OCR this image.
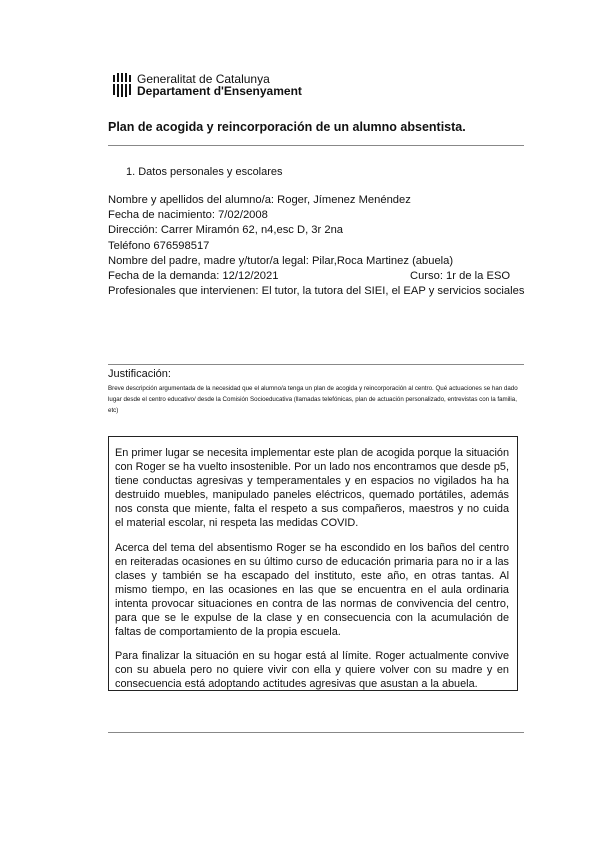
Generalitat de Catalunya
Departament d'Ensenyament
Plan de acogida y reincorporación de un alumno absentista.
1. Datos personales y escolares
Nombre y apellidos del alumno/a: Roger, Jímenez Menéndez
Fecha de nacimiento: 7/02/2008
Dirección: Carrer Miramón 62, n4,esc D, 3r 2na
Teléfono 676598517
Nombre del padre, madre y/tutor/a legal: Pilar,Roca Martinez (abuela)
Fecha de la demanda: 12/12/2021	Curso: 1r de la ESO
Profesionales que intervienen: El tutor, la tutora del SIEI, el EAP y servicios sociales
Justificación:
Breve descripción argumentada de la necesidad que el alumno/a tenga un plan de acogida y reincorporación al centro. Qué actuaciones se han dado lugar desde el centro educativo/ desde la Comisión Socioeducativa (llamadas telefónicas, plan de actuación personalizado, entrevistas con la familia, etc)

En primer lugar se necesita implementar este plan de acogida porque la situación con Roger se ha vuelto insostenible. Por un lado nos encontramos que desde p5, tiene conductas agresivas y temperamentales y en espacios no vigilados ha ha destruido muebles, manipulado paneles eléctricos, quemado portátiles, además nos consta que miente, falta el respeto a sus compañeros, maestros y no cuida el material escolar, ni respeta las medidas COVID.

Acerca del tema del absentismo Roger se ha escondido en los baños del centro en reiteradas ocasiones en su último curso de educación primaria para no ir a las clases y también se ha escapado del instituto, este año, en otras tantas. Al mismo tiempo, en las ocasiones en las que se encuentra en el aula ordinaria intenta provocar situaciones en contra de las normas de convivencia del centro, para que se le expulse de la clase y en consecuencia con la acumulación de faltas de comportamiento de la propia escuela.

Para finalizar la situación en su hogar está al límite. Roger actualmente convive con su abuela pero no quiere vivir con ella y quiere volver con su madre y en consecuencia está adoptando actitudes agresivas que asustan a la abuela.
